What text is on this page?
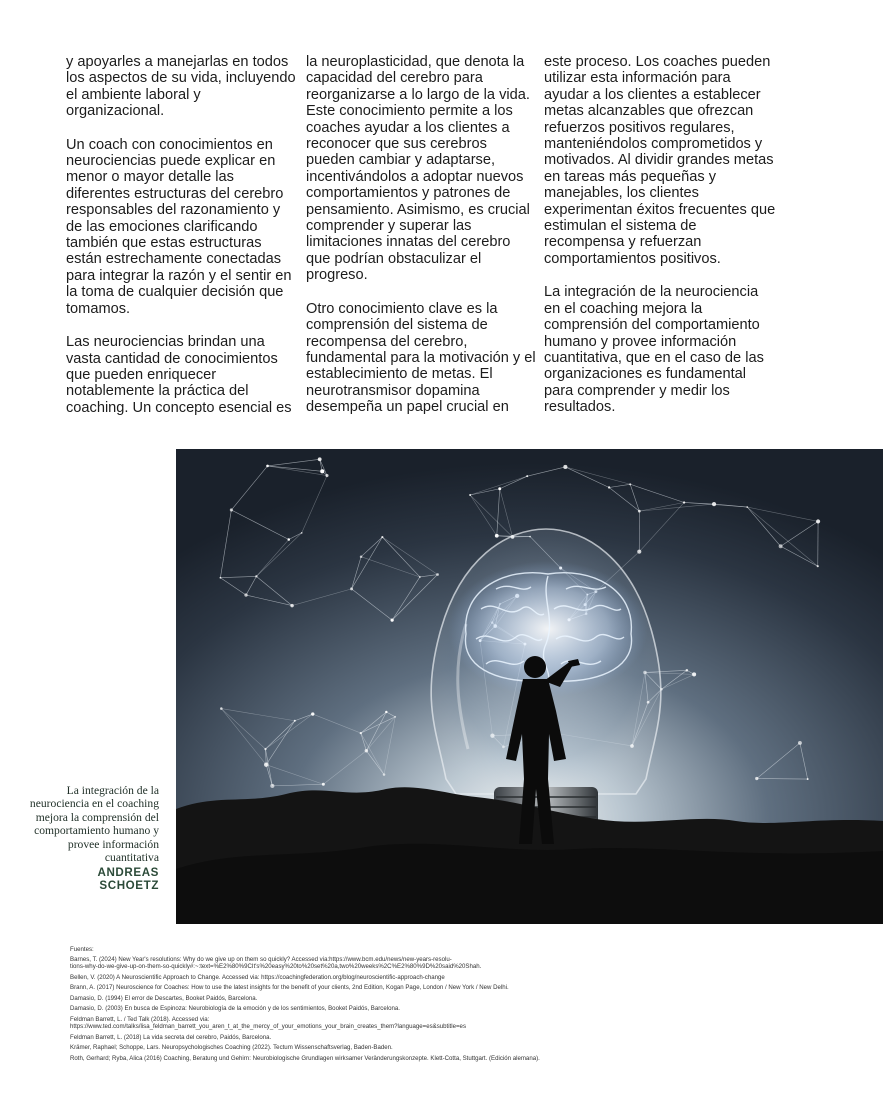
y apoyarles a manejarlas en todos los aspectos de su vida, incluyendo el ambiente laboral y organizacional.

Un coach con conocimientos en neurociencias puede explicar en menor o mayor detalle las diferentes estructuras del cerebro responsables del razonamiento y de las emociones clarificando también que estas estructuras están estrechamente conectadas para integrar la razón y el sentir en la toma de cualquier decisión que tomamos.

Las neurociencias brindan una vasta cantidad de conocimientos que pueden enriquecer notablemente la práctica del coaching. Un concepto esencial es

la neuroplasticidad, que denota la capacidad del cerebro para reorganizarse a lo largo de la vida. Este conocimiento permite a los coaches ayudar a los clientes a reconocer que sus cerebros pueden cambiar y adaptarse, incentivándolos a adoptar nuevos comportamientos y patrones de pensamiento. Asimismo, es crucial comprender y superar las limitaciones innatas del cerebro que podrían obstaculizar el progreso.

Otro conocimiento clave es la comprensión del sistema de recompensa del cerebro, fundamental para la motivación y el establecimiento de metas. El neurotransmisor dopamina desempeña un papel crucial en

este proceso. Los coaches pueden utilizar esta información para ayudar a los clientes a establecer metas alcanzables que ofrezcan refuerzos positivos regulares, manteniéndolos comprometidos y motivados. Al dividir grandes metas en tareas más pequeñas y manejables, los clientes experimentan éxitos frecuentes que estimulan el sistema de recompensa y refuerzan comportamientos positivos.

La integración de la neurociencia en el coaching mejora la comprensión del comportamiento humano y provee información cuantitativa, que en el caso de las organizaciones es fundamental para comprender y medir los resultados.

La integración de la neurociencia en el coaching mejora la comprensión del comportamiento humano y provee información cuantitativa
ANDREAS
SCHOETZ
Fuentes:
Barnes, T. (2024) New Year's resolutions: Why do we give up on them so quickly? Accessed via:https://www.bcm.edu/news/new-years-resolu-
tions-why-do-we-give-up-on-them-so-quickly#:~:text=%E2%80%9CIt's%20easy%20to%20set%20a,two%20weeks%2C%E2%80%9D%20said%20Shah.
Bellen, V. (2020) A Neuroscientific Approach to Change. Accessed via: https://coachingfederation.org/blog/neuroscientific-approach-change
Brann, A. (2017) Neuroscience for Coaches: How to use the latest insights for the benefit of your clients, 2nd Edition, Kogan Page, London / New York / New Delhi.
Damasio, D. (1994) El error de Descartes, Booket Paidós, Barcelona.
Damasio, D. (2003) En busca de Espinoza: Neurobiología de la emoción y de los sentimientos, Booket Paidós, Barcelona.
Feldman Barrett, L. / Ted Talk (2018). Accessed via:
https://www.ted.com/talks/lisa_feldman_barrett_you_aren_t_at_the_mercy_of_your_emotions_your_brain_creates_them?language=es&subtitle=es
Feldman Barrett, L. (2018) La vida secreta del cerebro, Paidós, Barcelona.
Krämer, Raphael; Schoppe, Lars. Neuropsychologisches Coaching (2022). Tectum Wissenschaftsverlag, Baden-Baden.
Roth, Gerhard; Ryba, Alica (2016) Coaching, Beratung und Gehirn: Neurobiologische Grundlagen wirksamer Veränderungskonzepte. Klett-Cotta, Stuttgart. (Edición alemana).
